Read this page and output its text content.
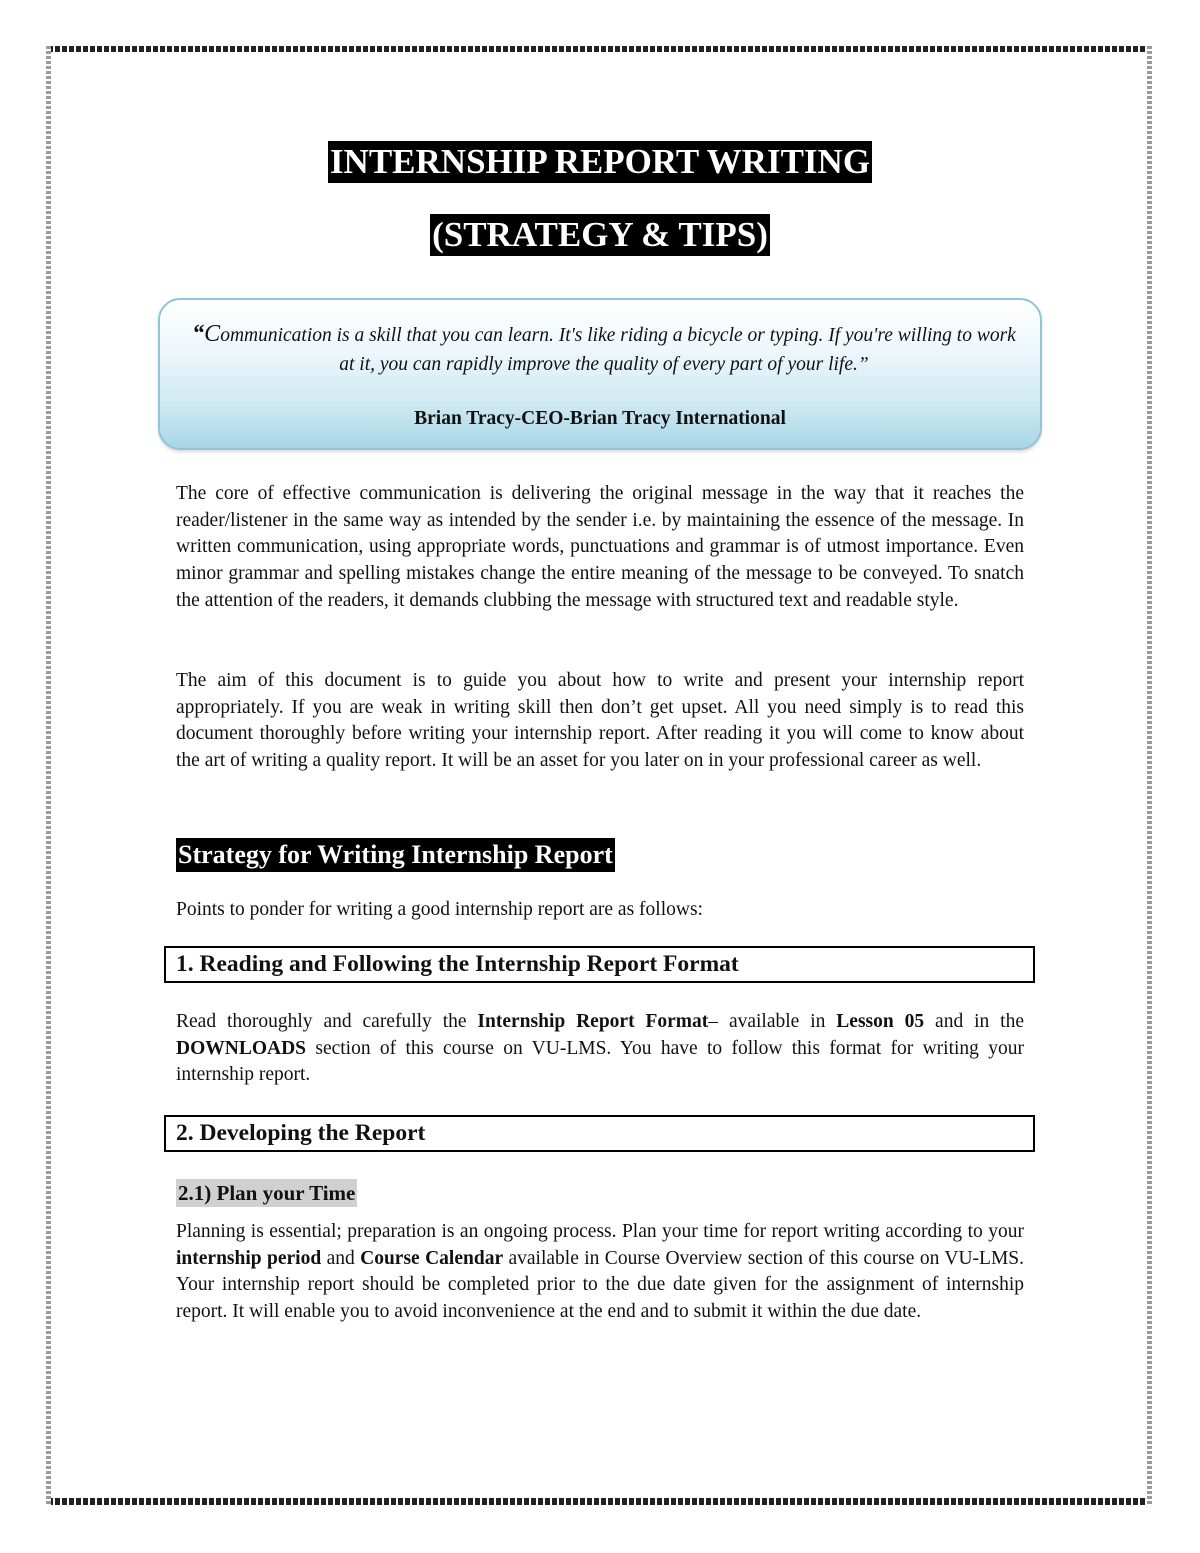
INTERNSHIP REPORT WRITING
(STRATEGY & TIPS)
“Communication is a skill that you can learn. It's like riding a bicycle or typing. If you're willing to work at it, you can rapidly improve the quality of every part of your life.”
Brian Tracy-CEO-Brian Tracy International

The core of effective communication is delivering the original message in the way that it reaches the reader/listener in the same way as intended by the sender i.e. by maintaining the essence of the message. In written communication, using appropriate words, punctuations and grammar is of utmost importance. Even minor grammar and spelling mistakes change the entire meaning of the message to be conveyed. To snatch the attention of the readers, it demands clubbing the message with structured text and readable style.

The aim of this document is to guide you about how to write and present your internship report appropriately. If you are weak in writing skill then don’t get upset. All you need simply is to read this document thoroughly before writing your internship report. After reading it you will come to know about the art of writing a quality report. It will be an asset for you later on in your professional career as well.

Strategy for Writing Internship Report

Points to ponder for writing a good internship report are as follows:

1. Reading and Following the Internship Report Format

Read thoroughly and carefully the Internship Report Format– available in Lesson 05 and in the DOWNLOADS section of this course on VU-LMS. You have to follow this format for writing your internship report.

2. Developing the Report
2.1) Plan your Time

Planning is essential; preparation is an ongoing process. Plan your time for report writing according to your internship period and Course Calendar available in Course Overview section of this course on VU-LMS. Your internship report should be completed prior to the due date given for the assignment of internship report. It will enable you to avoid inconvenience at the end and to submit it within the due date.
